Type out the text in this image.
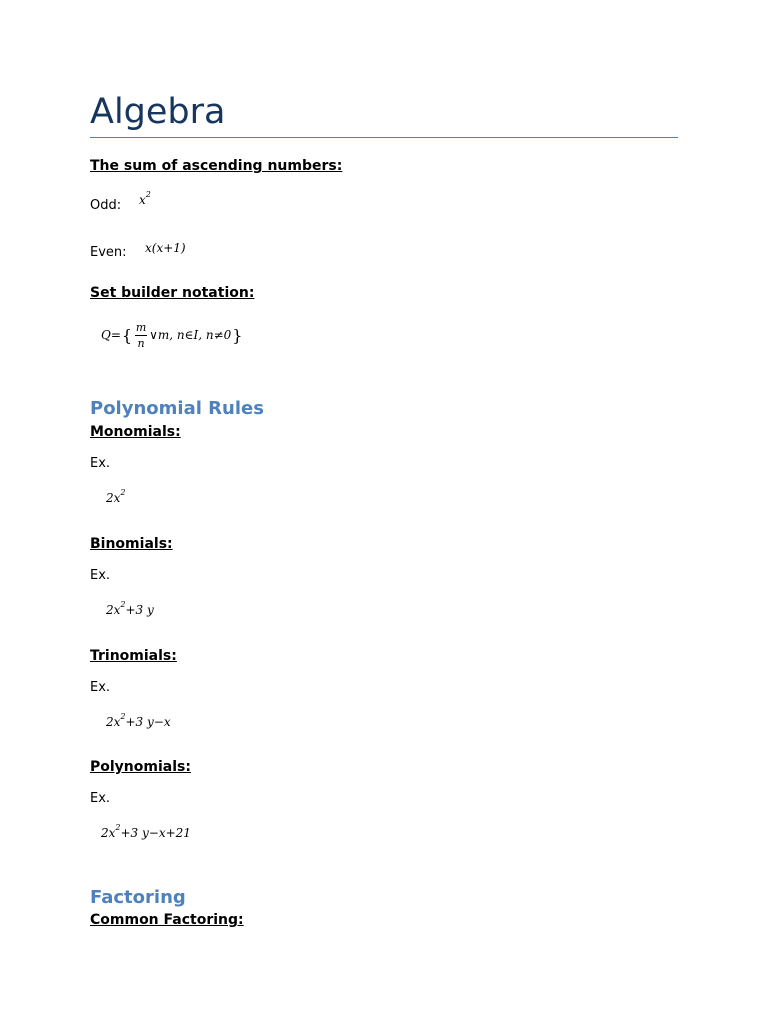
Algebra
The sum of ascending numbers:
Odd: $x^2$
Even: x(x+1)
Set builder notation:
Q= { $\frac{m}{n}$ ∨m, n∈I, n≠0 }
Polynomial Rules
Monomials:
Ex.
$2x^2$
Binomials:
Ex.
$2x^2+3$ y
Trinomials:
Ex.
$2x^2+3$ y−x
Polynomials:
Ex.
$2x^2+3$ y−x+21
Factoring
Common Factoring:
